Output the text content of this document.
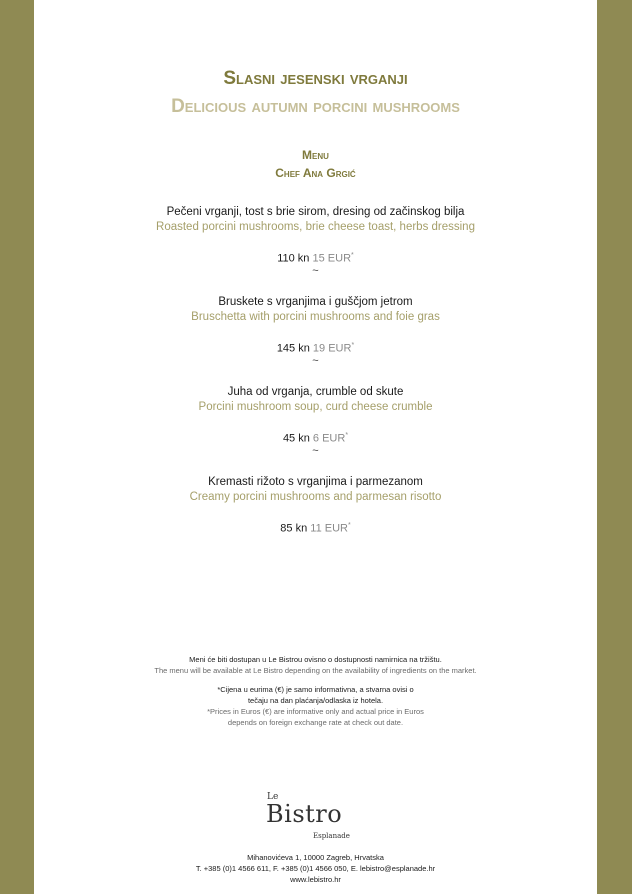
Slasni jesenski vrganji
Delicious autumn porcini mushrooms
Menu
Chef Ana Grgić
Pečeni vrganji, tost s brie sirom, dresing od začinskog bilja
Roasted porcini mushrooms, brie cheese toast, herbs dressing
110 kn 15 EUR*
~
Bruskete s vrganjima i guščjom jetrom
Bruschetta with porcini mushrooms and foie gras
145 kn 19 EUR*
~
Juha od vrganja, crumble od skute
Porcini mushroom soup, curd cheese crumble
45 kn 6 EUR*
~
Kremasti rižoto s vrganjima i parmezanom
Creamy porcini mushrooms and parmesan risotto
85 kn 11 EUR*
Meni će biti dostupan u Le Bistrou ovisno o dostupnosti namirnica na tržištu.
The menu will be available at Le Bistro depending on the availability of ingredients on the market.
*Cijena u eurima (€) je samo informativna, a stvarna ovisi o
tečaju na dan plaćanja/odlaska iz hotela.
*Prices in Euros (€) are informative only and actual price in Euros
depends on foreign exchange rate at check out date.
Le
Bistro
Esplanade
Mihanovićeva 1, 10000 Zagreb, Hrvatska
T. +385 (0)1 4566 611, F. +385 (0)1 4566 050, E. lebistro@esplanade.hr
www.lebistro.hr
